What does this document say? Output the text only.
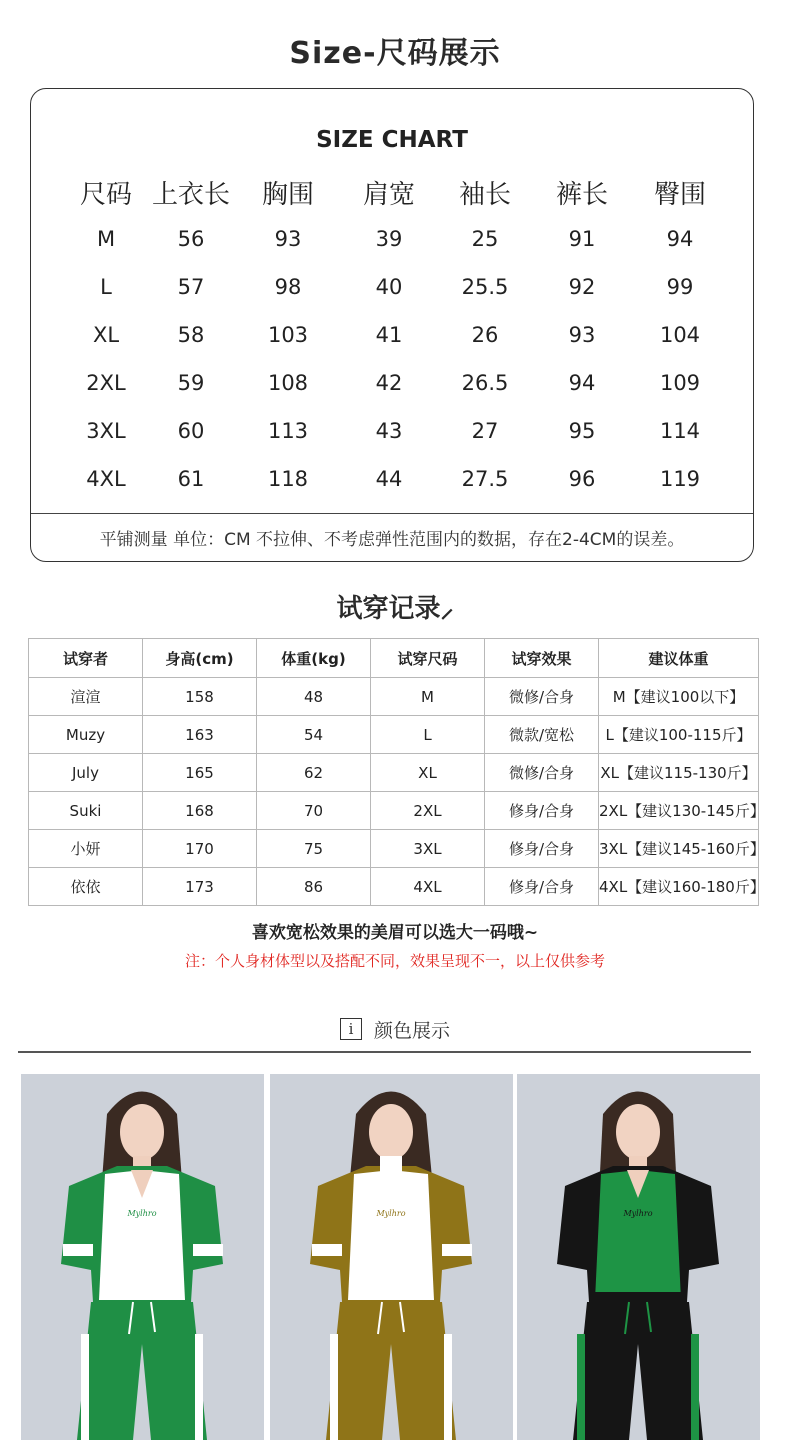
Size-尺码展示
SIZE CHART
尺码 上衣长	胸围	肩宽	袖长	裤长	臀围
M	56	93	39	25	91	94
L	57	98	40	25.5	92	99
XL	58	103	41	26	93	104
2XL	59	108	42	26.5	94	109
3XL	60	113	43	27	95	114
4XL	61	118	44	27.5	96	119
平铺测量 单位：CM 不拉伸、不考虑弹性范围内的数据，存在2-4CM的误差。
试穿记录⸝
试穿者	身高(cm)	体重(kg)	试穿尺码	试穿效果	建议体重
渲渲	158	48	M	微修/合身	M【建议100以下】
Muzy	163	54	L	微款/宽松	L【建议100-115斤】
July	165	62	XL	微修/合身	XL【建议115-130斤】
Suki	168	70	2XL	修身/合身	2XL【建议130-145斤】
小妍	170	75	3XL	修身/合身	3XL【建议145-160斤】
依依	173	86	4XL	修身/合身	4XL【建议160-180斤】
喜欢宽松效果的美眉可以选大一码哦~
注：个人身材体型以及搭配不同，效果呈现不一，以上仅供参考
i	颜色展示
Mylhro	Mylhro	Mylhro
